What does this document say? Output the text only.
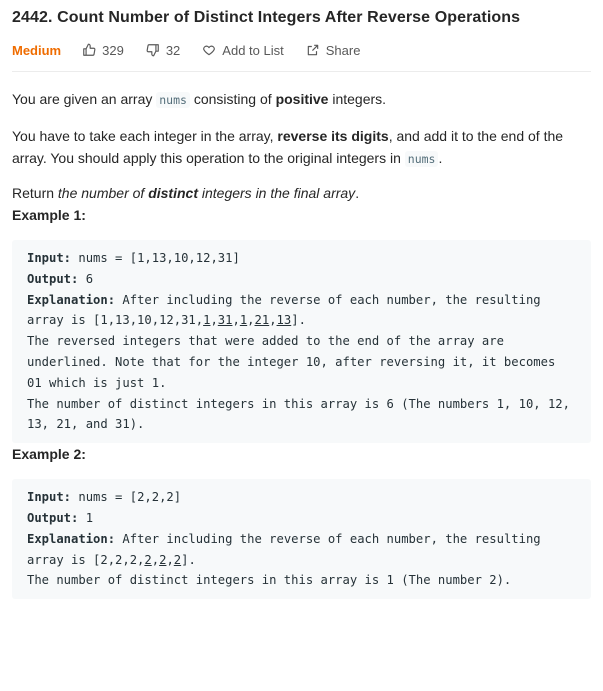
2442. Count Number of Distinct Integers After Reverse Operations
Medium	329	32	Add to List	Share

You are given an array nums consisting of positive integers.

You have to take each integer in the array, reverse its digits, and add it to the end of the array. You should apply this operation to the original integers in nums .

Return the number of distinct integers in the final array.

Example 1:

Input: nums = [1,13,10,12,31]
Output: 6
Explanation: After including the reverse of each number, the resulting array is [1,13,10,12,31,1,31,1,21,13].
The reversed integers that were added to the end of the array are underlined. Note that for the integer 10, after reversing it, it becomes 01 which is just 1.
The number of distinct integers in this array is 6 (The numbers 1, 10, 12, 13, 21, and 31).

Example 2:

Input: nums = [2,2,2]
Output: 1
Explanation: After including the reverse of each number, the resulting array is [2,2,2,2,2,2].
The number of distinct integers in this array is 1 (The number 2).
